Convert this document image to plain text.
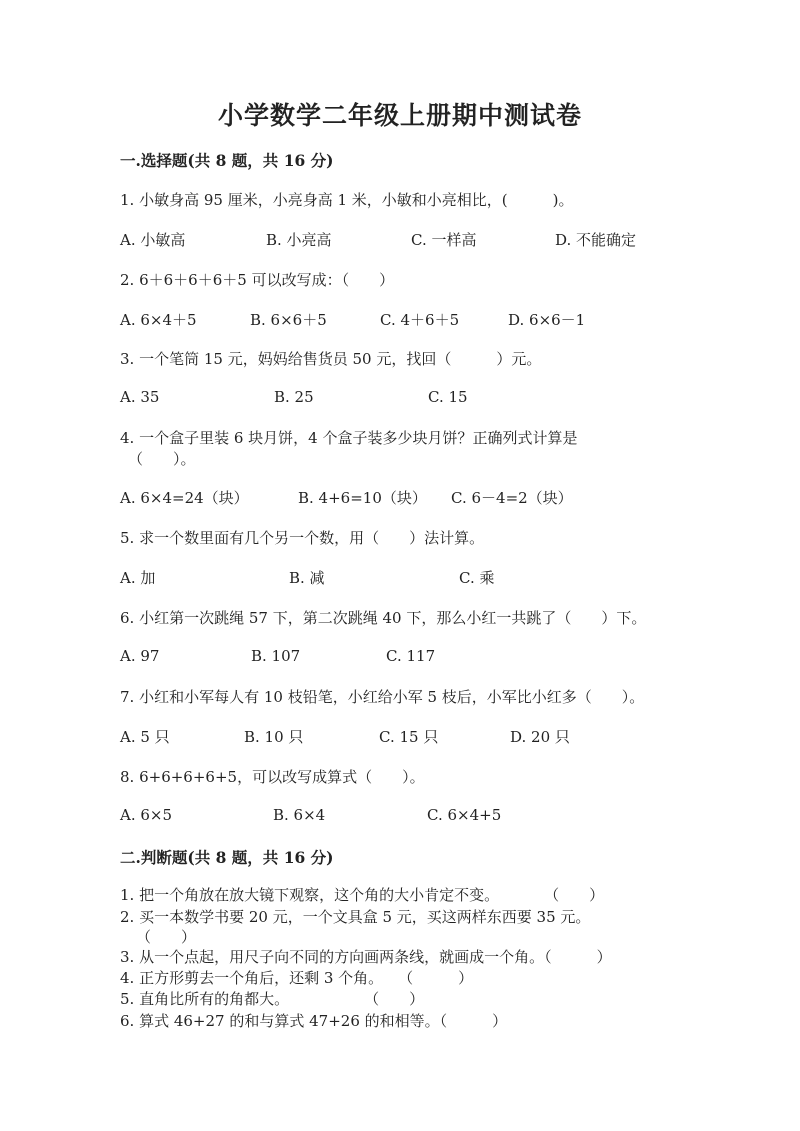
小学数学二年级上册期中测试卷
一.选择题(共 8 题，共 16 分)
1. 小敏身高 95 厘米，小亮身高 1 米，小敏和小亮相比，(　　　)。
A. 小敏高	B. 小亮高	C. 一样高	D. 不能确定
2. 6＋6＋6＋6＋5 可以改写成：（　　）
A. 6×4＋5	B. 6×6＋5	C. 4＋6＋5	D. 6×6－1
3. 一个笔筒 15 元，妈妈给售货员 50 元，找回（　　　）元。
A. 35	B. 25	C. 15
4. 一个盒子里装 6 块月饼，4 个盒子装多少块月饼？正确列式计算是
（　　）。
A. 6×4=24（块）	B. 4+6=10（块） C. 6－4=2（块）
5. 求一个数里面有几个另一个数，用（　　）法计算。
A. 加	B. 减	C. 乘
6. 小红第一次跳绳 57 下，第二次跳绳 40 下，那么小红一共跳了（　　）下。
A. 97	B. 107	C. 117
7. 小红和小军每人有 10 枝铅笔，小红给小军 5 枝后，小军比小红多（　　）。
A. 5 只	B. 10 只	C. 15 只	D. 20 只
8. 6+6+6+6+5，可以改写成算式（　　）。
A. 6×5	B. 6×4	C. 6×4+5
二.判断题(共 8 题，共 16 分)
1. 把一个角放在放大镜下观察，这个角的大小肯定不变。　　　　（　　）
2. 买一本数学书要 20 元，一个文具盒 5 元，买这两样东西要 35 元。
（　　）
3. 从一个点起，用尺子向不同的方向画两条线，就画成一个角。（　　　）
4. 正方形剪去一个角后，还剩 3 个角。　　（　　　）
5. 直角比所有的角都大。　　　　　　（　　）
6. 算式 46+27 的和与算式 47+26 的和相等。（　　　）
